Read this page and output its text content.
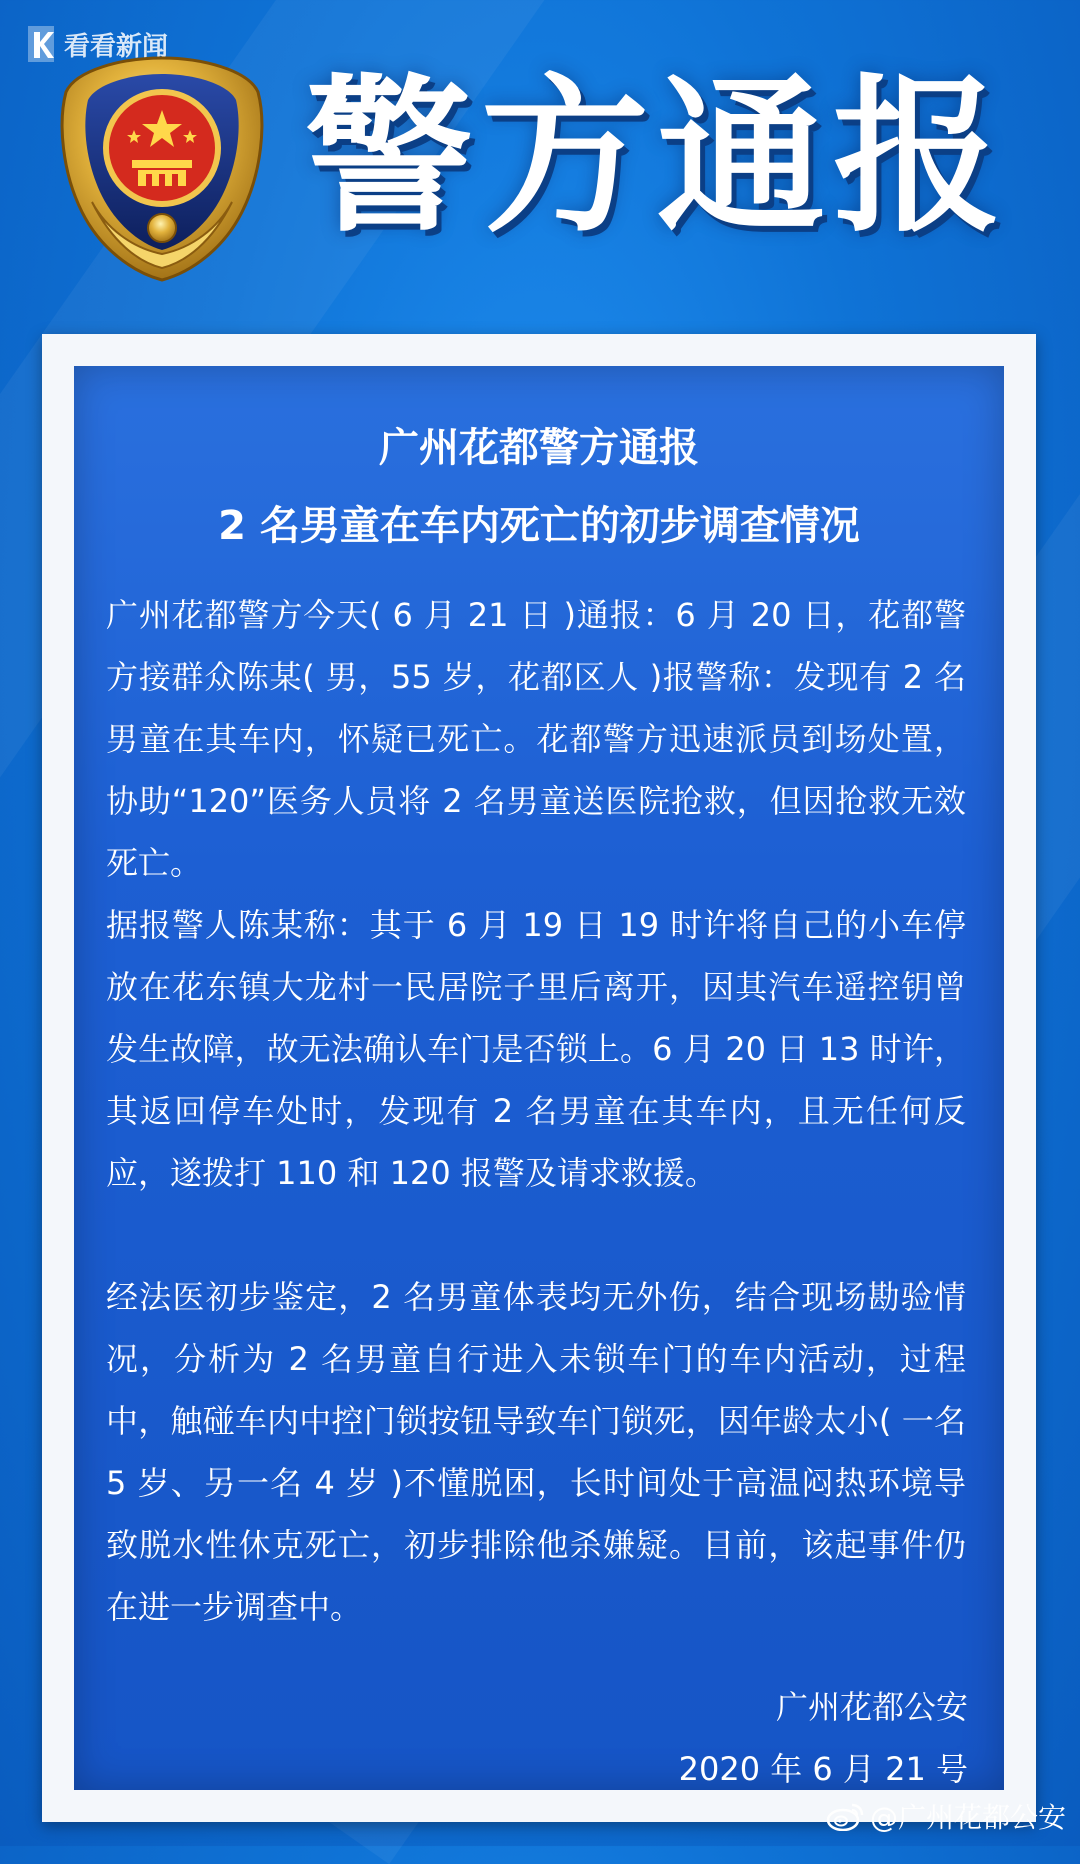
看看新闻
警方通报
广州花都警方通报
2 名男童在车内死亡的初步调查情况
广州花都警方今天( 6 月 21 日 )通报：6 月 20 日，花都警方接群众陈某( 男，55 岁，花都区人 )报警称：发现有 2 名男童在其车内，怀疑已死亡。花都警方迅速派员到场处置，协助“120”医务人员将 2 名男童送医院抢救，但因抢救无效死亡。
据报警人陈某称：其于 6 月 19 日 19 时许将自己的小车停放在花东镇大龙村一民居院子里后离开，因其汽车遥控钥曾发生故障，故无法确认车门是否锁上。6 月 20 日 13 时许，其返回停车处时，发现有 2 名男童在其车内，且无任何反应，遂拨打 110 和 120 报警及请求救援。
经法医初步鉴定，2 名男童体表均无外伤，结合现场勘验情况，分析为 2 名男童自行进入未锁车门的车内活动，过程中，触碰车内中控门锁按钮导致车门锁死，因年龄太小( 一名 5 岁、另一名 4 岁 )不懂脱困，长时间处于高温闷热环境导致脱水性休克死亡，初步排除他杀嫌疑。目前，该起事件仍在进一步调查中。
广州花都公安
2020 年 6 月 21 号
@广州花都公安
